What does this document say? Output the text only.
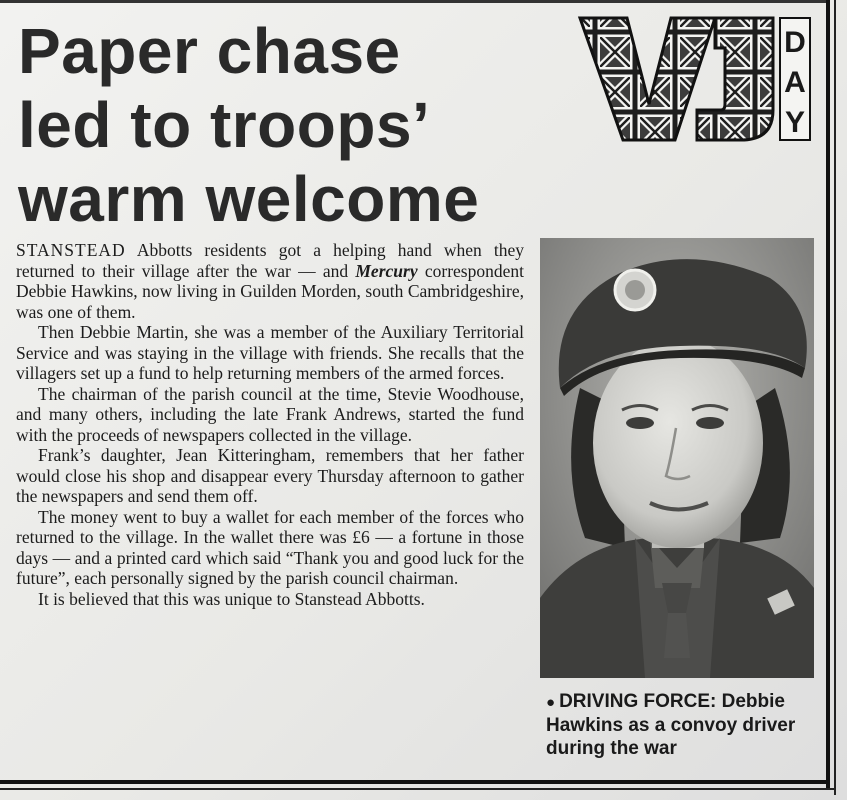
Paper chase
led to troops’
warm welcome
D
A
Y

STANSTEAD Abbotts residents got a helping hand when they returned to their village after the war — and Mercury correspondent Debbie Hawkins, now living in Guilden Morden, south Cambridgeshire, was one of them.

Then Debbie Martin, she was a member of the Auxiliary Territorial Service and was staying in the village with friends. She recalls that the villagers set up a fund to help returning members of the armed forces.

The chairman of the parish council at the time, Stevie Woodhouse, and many others, including the late Frank Andrews, started the fund with the proceeds of newspapers collected in the village.

Frank’s daughter, Jean Kitteringham, remembers that her father would close his shop and disappear every Thursday afternoon to gather the newspapers and send them off.

The money went to buy a wallet for each member of the forces who returned to the village. In the wallet there was £6 — a fortune in those days — and a printed card which said “Thank you and good luck for the future”, each personally signed by the parish council chairman.

It is believed that this was unique to Stanstead Abbotts.

● DRIVING FORCE: Debbie Hawkins as a convoy driver during the war
